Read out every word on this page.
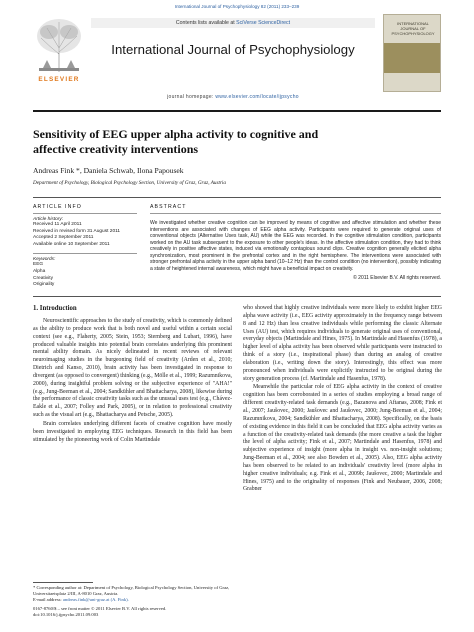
International Journal of Psychophysiology 82 (2011) 233–239
ELSEVIER
Contents lists available at SciVerse ScienceDirect
International Journal of Psychophysiology
journal homepage: www.elsevier.com/locate/ijpsycho
INTERNATIONAL JOURNAL OF PSYCHOPHYSIOLOGY
Sensitivity of EEG upper alpha activity to cognitive and
affective creativity interventions
Andreas Fink *, Daniela Schwab, Ilona Papousek
Department of Psychology, Biological Psychology Section, University of Graz, Graz, Austria
ARTICLE INFO
Article history:
Received 11 April 2011
Received in revised form 31 August 2011
Accepted 2 September 2011
Available online 10 September 2011
Keywords:
EEG
Alpha
Creativity
Originality
ABSTRACT
We investigated whether creative cognition can be improved by means of cognitive and affective stimulation and whether these interventions are associated with changes of EEG alpha activity. Participants were required to generate original uses of conventional objects (Alternative Uses task, AU) while the EEG was recorded. In the cognitive stimulation condition, participants worked on the AU task subsequent to the exposure to other people's ideas. In the affective stimulation condition, they had to think creatively in positive affective states, induced via emotionally contagious sound clips. Creative cognition generally elicited alpha synchronization, most prominent in the prefrontal cortex and in the right hemisphere. The interventions were associated with stronger prefrontal alpha activity in the upper alpha band (10–12 Hz) than the control condition (no intervention), possibly indicating a state of heightened internal awareness, which might have a beneficial impact on creativity.
© 2011 Elsevier B.V. All rights reserved.
1. Introduction

Neuroscientific approaches to the study of creativity, which is commonly defined as the ability to produce work that is both novel and useful within a certain social context (see e.g., Flaherty, 2005; Stein, 1953; Sternberg and Lubart, 1996), have produced valuable insights into potential brain correlates underlying this prominent mental ability domain. As nicely delineated in recent reviews of relevant neuroimaging studies in the burgeoning field of creativity (Arden et al., 2010; Dietrich and Kanso, 2010), brain activity has been investigated in response to divergent (as opposed to convergent) thinking (e.g., Mölle et al., 1999; Razumnikova, 2000), during insightful problem solving or the subjective experience of "AHA!" (e.g., Jung-Beeman et al., 2004; Sandkühler and Bhattacharya, 2008), likewise during the performance of classic creativity tasks such as the unusual uses test (e.g., Chávez-Eakle et al., 2007; Folley and Park, 2005), or in relation to professional creativity such as the visual art (e.g., Bhattacharya and Petsche, 2005).

Brain correlates underlying different facets of creative cognition have mostly been investigated in employing EEG techniques. Research in this field has been stimulated by the pioneering work of Colin Martindale

who showed that highly creative individuals were more likely to exhibit higher EEG alpha wave activity (i.e., EEG activity approximately in the frequency range between 8 and 12 Hz) than less creative individuals while performing the classic Alternate Uses (AU) test, which requires individuals to generate original uses of conventional, everyday objects (Martindale and Hines, 1975). In Martindale and Hasenfus (1978), a higher level of alpha activity has been observed while participants were instructed to think of a story (i.e., inspirational phase) than during an analog of creative elaboration (i.e., writing down the story). Interestingly, this effect was more pronounced when individuals were explicitly instructed to be original during the story generation process (cf. Martindale and Hasenfus, 1978).

Meanwhile the particular role of EEG alpha activity in the context of creative cognition has been corroborated in a series of studies employing a broad range of different creativity-related task demands (e.g., Bazanova and Aftanas, 2008; Fink et al., 2007; Jaušovec, 2000; Jaušovec and Jaušovec, 2000; Jung-Beeman et al., 2004; Razumnikova, 2004; Sandkühler and Bhattacharya, 2008). Specifically, on the basis of existing evidence in this field it can be concluded that EEG alpha activity varies as a function of the creativity-related task demands (the more creative a task the higher the level of alpha activity; Fink et al., 2007; Martindale and Hasenfus, 1978) and subjective experience of insight (more alpha in insight vs. non-insight solutions; Jung-Beeman et al., 2004; see also Bowden et al., 2005). Also, EEG alpha activity has been observed to be related to an individuals' creativity level (more alpha in higher creative individuals; e.g. Fink et al., 2009b; Jaušovec, 2000; Martindale and Hines, 1975) and to the originality of responses (Fink and Neubauer, 2006, 2008; Grabner

* Corresponding author at: Department of Psychology, Biological Psychology Section, University of Graz, Universitaetsplatz 2/III, A-8010 Graz, Austria.
E-mail address: andreas.fink@uni-graz.at (A. Fink).
0167-8760/$ – see front matter © 2011 Elsevier B.V. All rights reserved.
doi:10.1016/j.ijpsycho.2011.09.003
